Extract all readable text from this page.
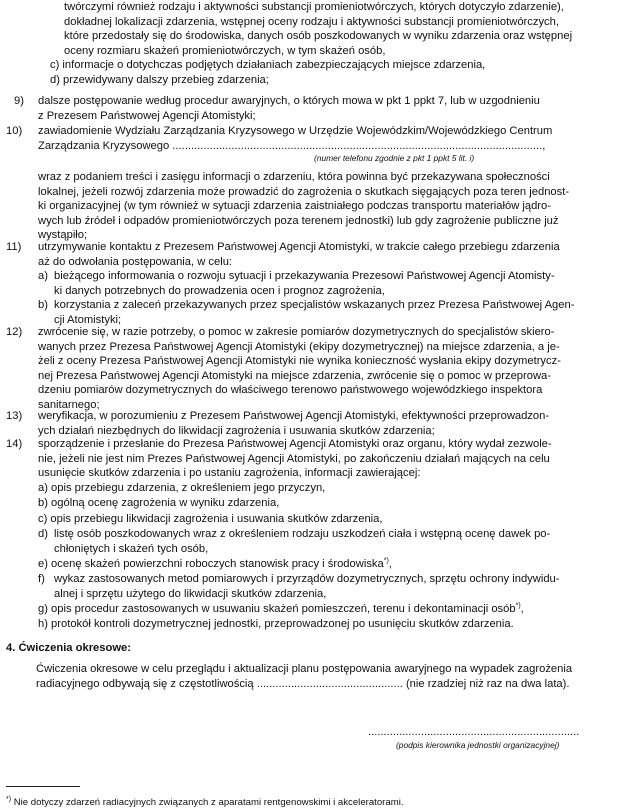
twórczymi również rodzaju i aktywności substancji promieniotwórczych, których dotyczyło zdarzenie),
dokładnej lokalizacji zdarzenia, wstępnej oceny rodzaju i aktywności substancji promieniotwórczych,
które przedostały się do środowiska, danych osób poszkodowanych w wyniku zdarzenia oraz wstępnej
oceny rozmiaru skażeń promieniotwórczych, w tym skażeń osób,
c) informacje o dotychczas podjętych działaniach zabezpieczających miejsce zdarzenia,
d) przewidywany dalszy przebieg zdarzenia;
9) dalsze postępowanie według procedur awaryjnych, o których mowa w pkt 1 ppkt 7, lub w uzgodnieniu
z Prezesem Państwowej Agencji Atomistyki;
10) zawiadomienie Wydziału Zarządzania Kryzysowego w Urzędzie Wojewódzkim/Wojewódzkiego Centrum
Zarządzania Kryzysowego .......................................................................................................................,
(numer telefonu zgodnie z pkt 1 ppkt 5 lit. i)
wraz z podaniem treści i zasięgu informacji o zdarzeniu, która powinna być przekazywana społeczności
lokalnej, jeżeli rozwój zdarzenia może prowadzić do zagrożenia o skutkach sięgających poza teren jednost-
ki organizacyjnej (w tym również w sytuacji zdarzenia zaistniałego podczas transportu materiałów jądro-
wych lub źródeł i odpadów promieniotwórczych poza terenem jednostki) lub gdy zagrożenie publiczne już
wystąpiło;
11) utrzymywanie kontaktu z Prezesem Państwowej Agencji Atomistyki, w trakcie całego przebiegu zdarzenia
aż do odwołania postępowania, w celu:
a) bieżącego informowania o rozwoju sytuacji i przekazywania Prezesowi Państwowej Agencji Atomisty-
ki danych potrzebnych do prowadzenia ocen i prognoz zagrożenia,
b) korzystania z zaleceń przekazywanych przez specjalistów wskazanych przez Prezesa Państwowej Agen-
cji Atomistyki;
12) zwrócenie się, w razie potrzeby, o pomoc w zakresie pomiarów dozymetrycznych do specjalistów skiero-
wanych przez Prezesa Państwowej Agencji Atomistyki (ekipy dozymetrycznej) na miejsce zdarzenia, a je-
żeli z oceny Prezesa Państwowej Agencji Atomistyki nie wynika konieczność wysłania ekipy dozymetrycz-
nej Prezesa Państwowej Agencji Atomistyki na miejsce zdarzenia, zwrócenie się o pomoc w przeprowa-
dzeniu pomiarów dozymetrycznych do właściwego terenowo państwowego wojewódzkiego inspektora
sanitarnego;
13) weryfikacja, w porozumieniu z Prezesem Państwowej Agencji Atomistyki, efektywności przeprowadzon-
ych działań niezbędnych do likwidacji zagrożenia i usuwania skutków zdarzenia;
14) sporządzenie i przesłanie do Prezesa Państwowej Agencji Atomistyki oraz organu, który wydał zezwole-
nie, jeżeli nie jest nim Prezes Państwowej Agencji Atomistyki, po zakończeniu działań mających na celu
usunięcie skutków zdarzenia i po ustaniu zagrożenia, informacji zawierającej:
a) opis przebiegu zdarzenia, z określeniem jego przyczyn,
b) ogólną ocenę zagrożenia w wyniku zdarzenia,
c) opis przebiegu likwidacji zagrożenia i usuwania skutków zdarzenia,
d) listę osób poszkodowanych wraz z określeniem rodzaju uszkodzeń ciała i wstępną ocenę dawek po-
chłoniętych i skażeń tych osób,
e) ocenę skażeń powierzchni roboczych stanowisk pracy i środowiska*),
f) wykaz zastosowanych metod pomiarowych i przyrządów dozymetrycznych, sprzętu ochrony indywidu-
alnej i sprzętu użytego do likwidacji skutków zdarzenia,
g) opis procedur zastosowanych w usuwaniu skażeń pomieszczeń, terenu i dekontaminacji osób*),
h) protokół kontroli dozymetrycznej jednostki, przeprowadzonej po usunięciu skutków zdarzenia.
4. Ćwiczenia okresowe:
Ćwiczenia okresowe w celu przeglądu i aktualizacji planu postępowania awaryjnego na wypadek zagrożenia
radiacyjnego odbywają się z częstotliwością ............................................... (nie rzadziej niż raz na dwa lata).
....................................................................
(podpis kierownika jednostki organizacyjnej)
*) Nie dotyczy zdarzeń radiacyjnych związanych z aparatami rentgenowskimi i akceleratorami.
